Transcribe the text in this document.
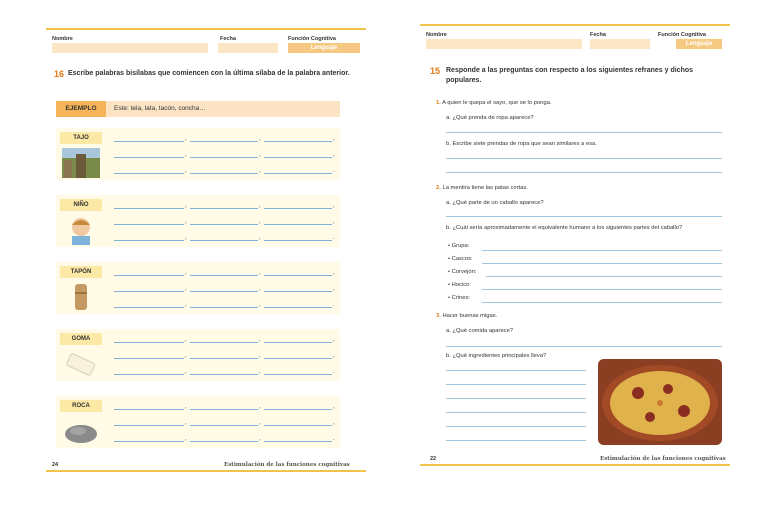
Nombre	Fecha	Función Cognitiva
Lenguaje
16 Escribe palabras bisílabas que comiencen con la última sílaba de la palabra anterior.
EJEMPLO	Este: tela, lata, tacón, concha…
TAJO	,	,	,
,	,	,
,	,	.
NIÑO	,	,	,
,	,	,
,	,	.
TAPÓN	,	,	,
,	,	,
,	,	.
GOMA	,	,	,
,	,	,
,	,	.
ROCA	,	,	,
,	,	,
,	,	.
24	Estimulación de las funciones cognitivas
Nombre	Fecha	Función Cognitiva
Lenguaje
15 Responde a las preguntas con respecto a los siguientes refranes y dichos populares.
1. A quien le quepa el sayo, que se lo ponga.
a. ¿Qué prenda de ropa aparece?
b. Escribe siete prendas de ropa que sean similares a esa.
2. La mentira tiene las patas cortas.
a. ¿Qué parte de un caballo aparece?
b. ¿Cuál sería aproximadamente el equivalente humano a los siguientes partes del caballo?
• Grupa:
• Cascos:
• Corvejón:
• Hocico:
• Crines:
3. Hacer buenas migas.
a. ¿Qué comida aparece?
b. ¿Qué ingredientes principales lleva?
22	Estimulación de las funciones cognitivas
